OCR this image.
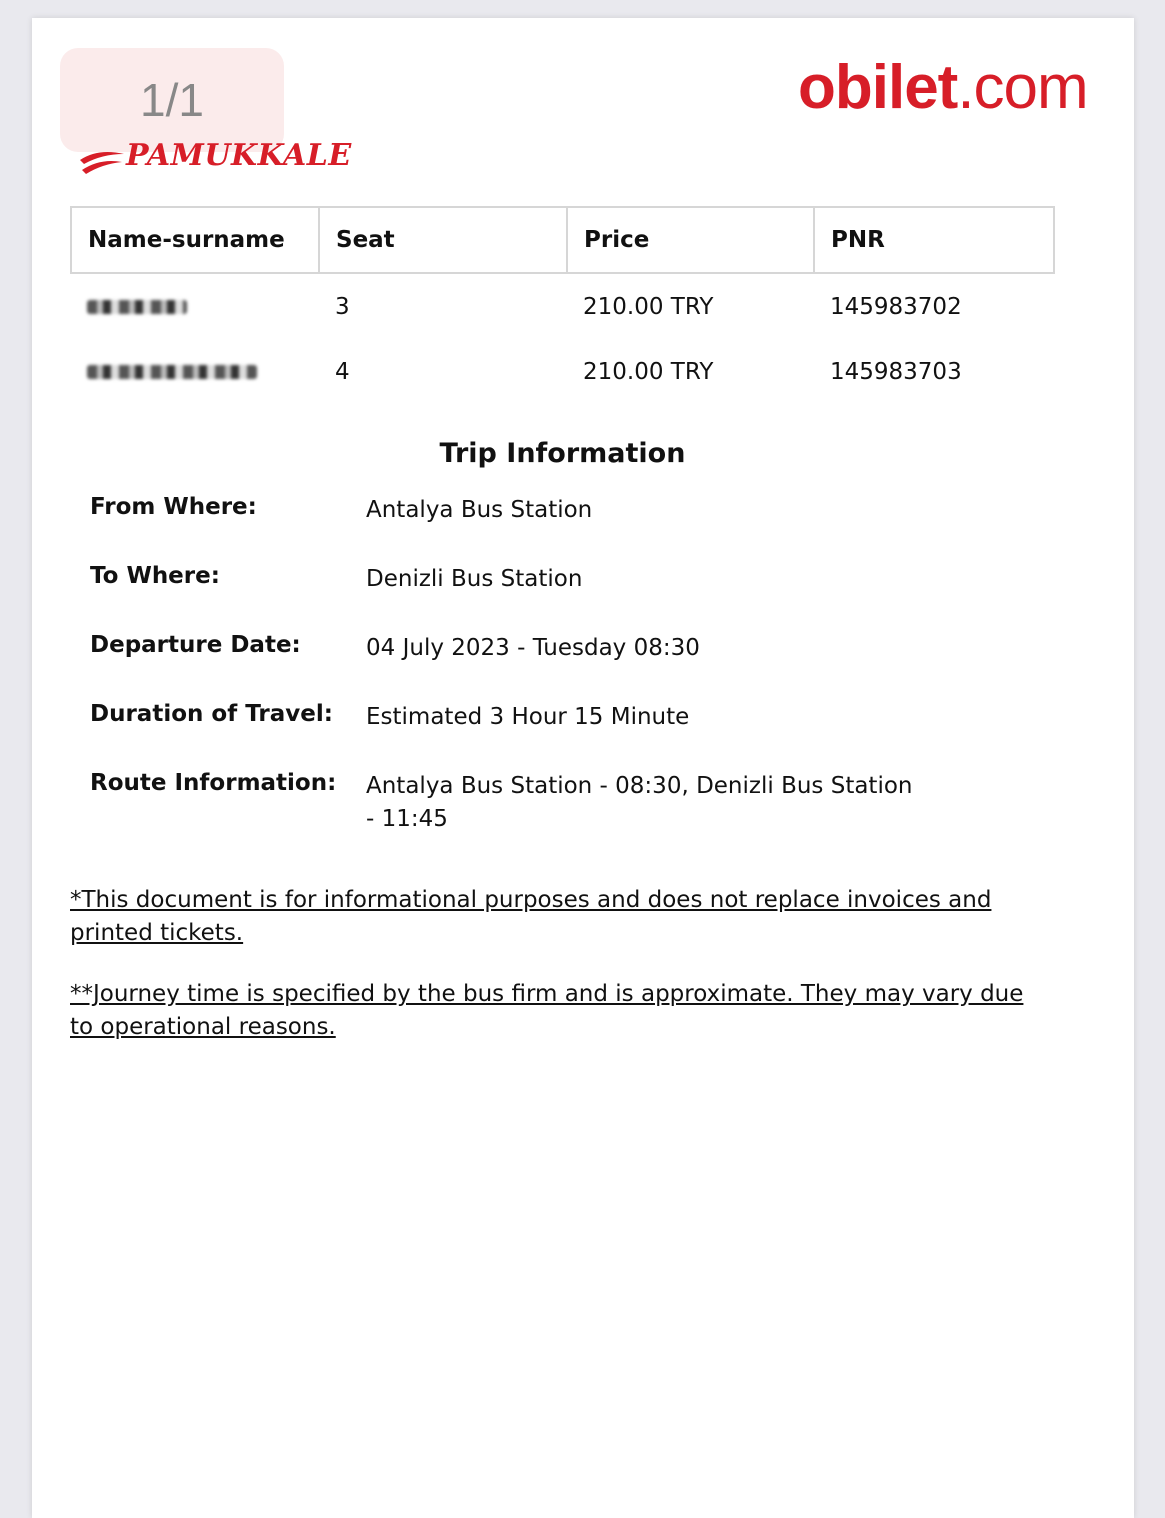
1/1	obilet.com
PAMUKKALE
Name-surname	Seat	Price	PNR
	3	210.00 TRY	145983702
	4	210.00 TRY	145983703
Trip Information
From Where:	Antalya Bus Station
To Where:	Denizli Bus Station
Departure Date:	04 July 2023 - Tuesday 08:30
Duration of Travel:	Estimated 3 Hour 15 Minute
Route Information:	Antalya Bus Station - 08:30, Denizli Bus Station - 11:45
*This document is for informational purposes and does not replace invoices and printed tickets.
**Journey time is specified by the bus firm and is approximate. They may vary due to operational reasons.
